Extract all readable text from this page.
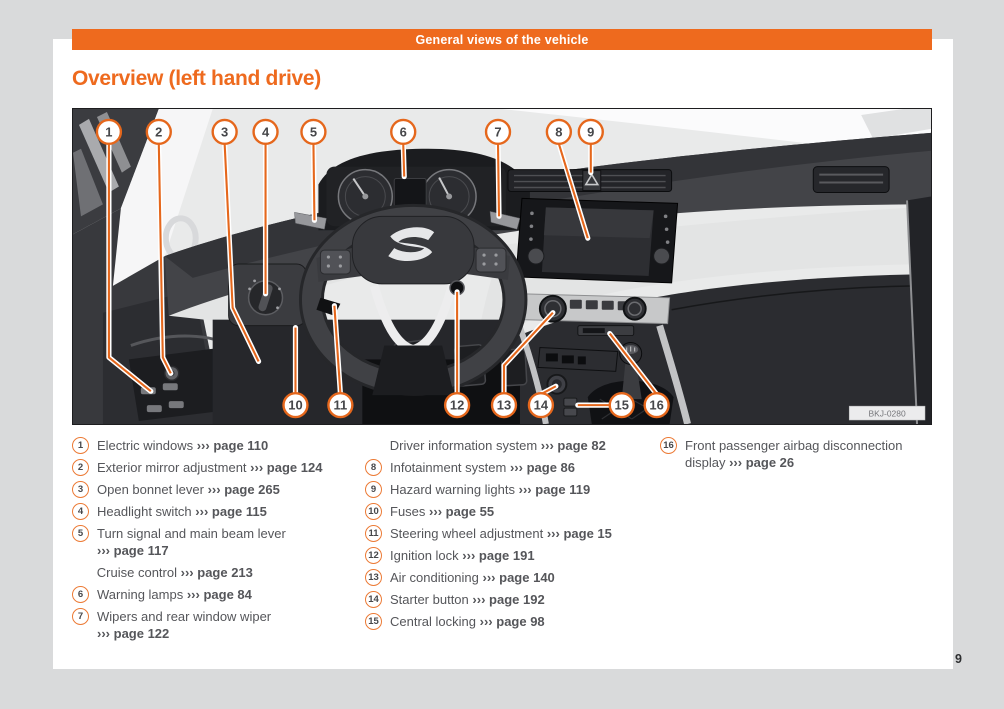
General views of the vehicle
Overview (left hand drive)
BKJ-0280
1	2	3	4	5	6	7	8 9
10 11	12 13 14	15 16
1	Electric windows ››› page 110
2	Exterior mirror adjustment ››› page 124
3	Open bonnet lever ››› page 265
4	Headlight switch ››› page 115
5	Turn signal and main beam lever ››› page 117
Cruise control ››› page 213
6	Warning lamps ››› page 84
7	Wipers and rear window wiper ››› page 122
Driver information system ››› page 82
8	Infotainment system ››› page 86
9	Hazard warning lights ››› page 119
10 Fuses ››› page 55
11 Steering wheel adjustment ››› page 15
12 Ignition lock ››› page 191
13 Air conditioning ››› page 140
14 Starter button ››› page 192
15 Central locking ››› page 98
16 Front passenger airbag disconnection display ››› page 26
9
